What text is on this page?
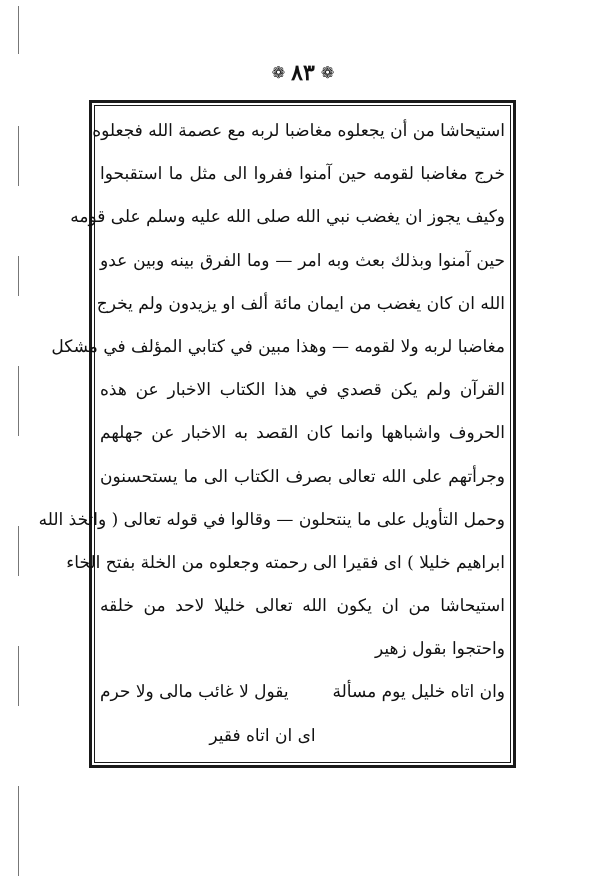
❁٨٣❁
استيحاشا من أن يجعلوه مغاضبا لربه مع عصمة الله فجعلوه
خرج مغاضبا لقومه حين آمنوا ففروا الى مثل ما استقبحوا
وكيف يجوز ان يغضب نبي الله صلى الله عليه وسلم على قومه
حين آمنوا وبذلك بعث وبه امر — وما الفرق بينه وبين عدو
الله ان كان يغضب من ايمان مائة ألف او يزيدون ولم يخرج
مغاضبا لربه ولا لقومه — وهذا مبين في كتابي المؤلف في مشكل
القرآن ولم يكن قصدي في هذا الكتاب الاخبار عن هذه
الحروف واشباهها وانما كان القصد به الاخبار عن جهلهم
وجرأتهم على الله تعالى بصرف الكتاب الى ما يستحسنون
وحمل التأويل على ما ينتحلون — وقالوا في قوله تعالى ( واتخذ الله
ابراهيم خليلا ) اى فقيرا الى رحمته وجعلوه من الخلة بفتح الخاء
استيحاشا من ان يكون الله تعالى خليلا لاحد من خلقه
واحتجوا بقول زهير
وان اتاه خليل يوم مسألة
يقول لا غائب مالى ولا حرم
اى ان اتاه فقير
